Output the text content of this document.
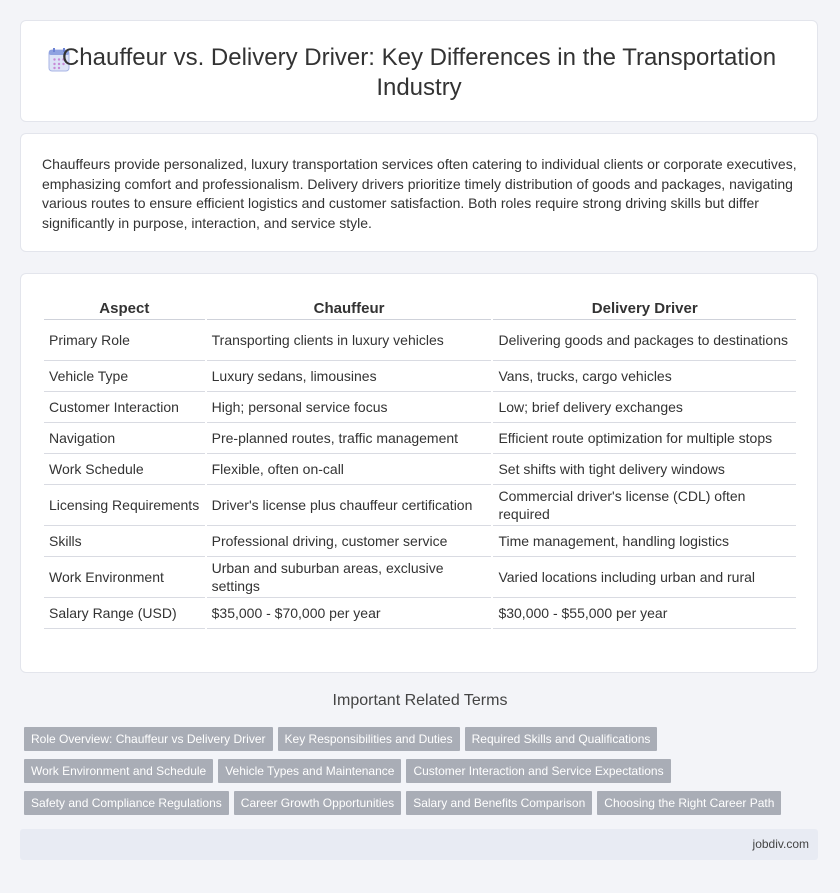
Chauffeur vs. Delivery Driver: Key Differences in the Transportation Industry
Chauffeurs provide personalized, luxury transportation services often catering to individual clients or corporate executives, emphasizing comfort and professionalism. Delivery drivers prioritize timely distribution of goods and packages, navigating various routes to ensure efficient logistics and customer satisfaction. Both roles require strong driving skills but differ significantly in purpose, interaction, and service style.
Aspect	Chauffeur	Delivery Driver
Primary Role	Transporting clients in luxury vehicles	Delivering goods and packages to destinations
Vehicle Type	Luxury sedans, limousines	Vans, trucks, cargo vehicles
Customer Interaction	High; personal service focus	Low; brief delivery exchanges
Navigation	Pre-planned routes, traffic management	Efficient route optimization for multiple stops
Work Schedule	Flexible, often on-call	Set shifts with tight delivery windows
Licensing Requirements	Driver's license plus chauffeur certification	Commercial driver's license (CDL) often required
Skills	Professional driving, customer service	Time management, handling logistics
Work Environment	Urban and suburban areas, exclusive settings	Varied locations including urban and rural
Salary Range (USD)	$35,000 - $70,000 per year	$30,000 - $55,000 per year
Important Related Terms
Role Overview: Chauffeur vs Delivery Driver Key Responsibilities and Duties Required Skills and Qualifications
Work Environment and Schedule Vehicle Types and Maintenance Customer Interaction and Service Expectations
Safety and Compliance Regulations Career Growth Opportunities Salary and Benefits Comparison Choosing the Right Career Path
jobdiv.com
